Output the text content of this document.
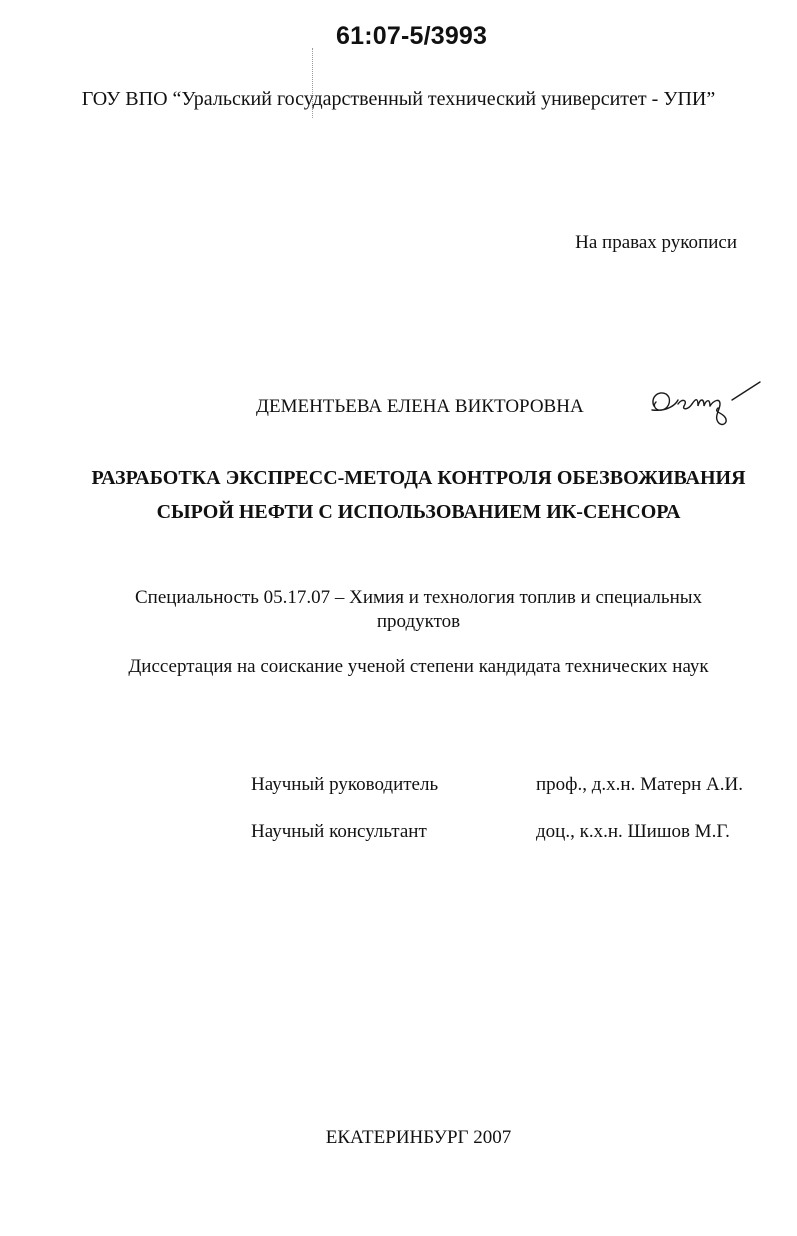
61:07-5/3993
ГОУ ВПО “Уральский государственный технический университет - УПИ”
На правах рукописи
ДЕМЕНТЬЕВА ЕЛЕНА ВИКТОРОВНА
РАЗРАБОТКА ЭКСПРЕСС-МЕТОДА КОНТРОЛЯ ОБЕЗВОЖИВАНИЯ
СЫРОЙ НЕФТИ С ИСПОЛЬЗОВАНИЕМ ИК-СЕНСОРА
Специальность 05.17.07 – Химия и технология топлив и специальных
продуктов
Диссертация на соискание ученой степени кандидата технических наук
Научный руководитель	проф., д.х.н. Матерн А.И.
Научный консультант	доц., к.х.н. Шишов М.Г.
ЕКАТЕРИНБУРГ 2007
